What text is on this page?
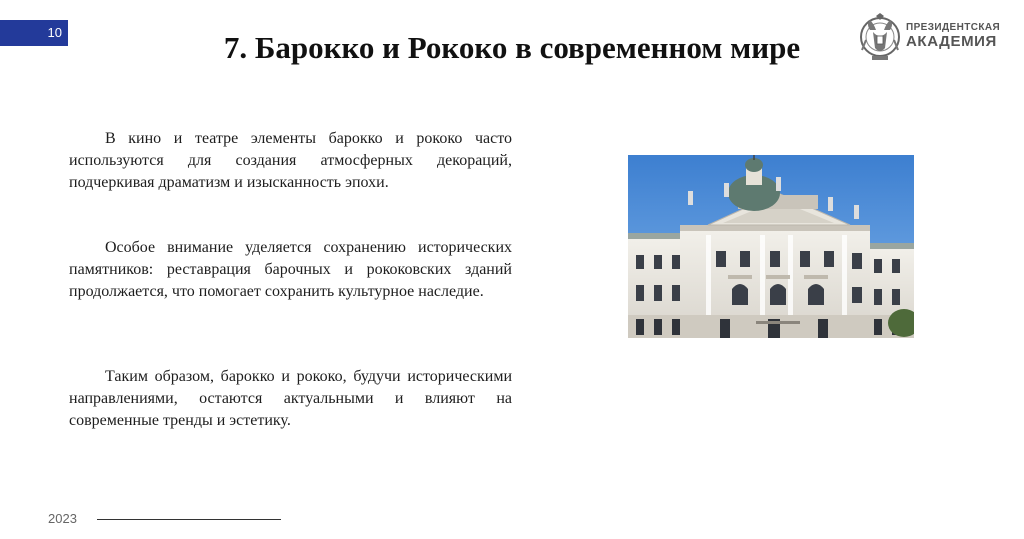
10	7. Барокко и Рококо в современном мире
ПРЕЗИДЕНТСКАЯ
АКАДЕМИЯ

В кино и театре элементы барокко и рококо часто используются для создания атмосферных декораций, подчеркивая драматизм и изысканность эпохи.

Особое внимание уделяется сохранению исторических памятников: реставрация барочных и рококовских зданий продолжается, что помогает сохранить культурное наследие.

Таким образом, барокко и рококо, будучи историческими направлениями, остаются актуальными и влияют на современные тренды и эстетику.

2023
